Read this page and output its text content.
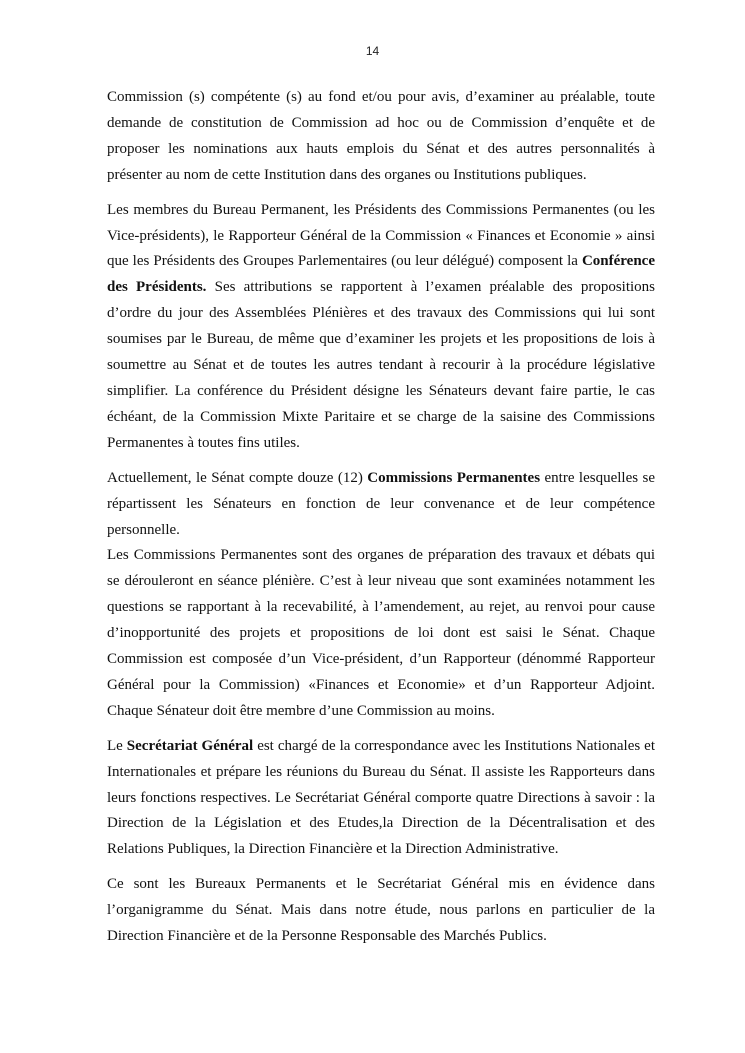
14

Commission (s) compétente (s) au fond et/ou pour avis, d’examiner au préalable, toute demande de constitution de Commission ad hoc ou de Commission d’enquête et de proposer les nominations aux hauts emplois du Sénat et des autres personnalités à présenter au nom de cette Institution dans des organes ou Institutions publiques.

Les membres du Bureau Permanent, les Présidents des Commissions Permanentes (ou les Vice-présidents), le Rapporteur Général de la Commission « Finances et Economie » ainsi que les Présidents des Groupes Parlementaires (ou leur délégué) composent la Conférence des Présidents. Ses attributions se rapportent à l’examen préalable des propositions d’ordre du jour des Assemblées Plénières et des travaux des Commissions qui lui sont soumises par le Bureau, de même que d’examiner les projets et les propositions de lois à soumettre au Sénat et de toutes les autres tendant à recourir à la procédure législative simplifier. La conférence du Président désigne les Sénateurs devant faire partie, le cas échéant, de la Commission Mixte Paritaire et se charge de la saisine des Commissions Permanentes à toutes fins utiles.

Actuellement, le Sénat compte douze (12) Commissions Permanentes entre lesquelles se répartissent les Sénateurs en fonction de leur convenance et de leur compétence personnelle.

Les Commissions Permanentes sont des organes de préparation des travaux et débats qui se dérouleront en séance plénière. C’est à leur niveau que sont examinées notamment les questions se rapportant à la recevabilité, à l’amendement, au rejet, au renvoi pour cause d’inopportunité des projets et propositions de loi dont est saisi le Sénat. Chaque Commission est composée d’un Vice-président, d’un Rapporteur (dénommé Rapporteur Général pour la Commission) «Finances et Economie» et d’un Rapporteur Adjoint. Chaque Sénateur doit être membre d’une Commission au moins.

Le Secrétariat Général est chargé de la correspondance avec les Institutions Nationales et Internationales et prépare les réunions du Bureau du Sénat. Il assiste les Rapporteurs dans leurs fonctions respectives. Le Secrétariat Général comporte quatre Directions à savoir : la Direction de la Législation et des Etudes,la Direction de la Décentralisation et des Relations Publiques, la Direction Financière et la Direction Administrative.

Ce sont les Bureaux Permanents et le Secrétariat Général mis en évidence dans l’organigramme du Sénat. Mais dans notre étude, nous parlons en particulier de la Direction Financière et de la Personne Responsable des Marchés Publics.
